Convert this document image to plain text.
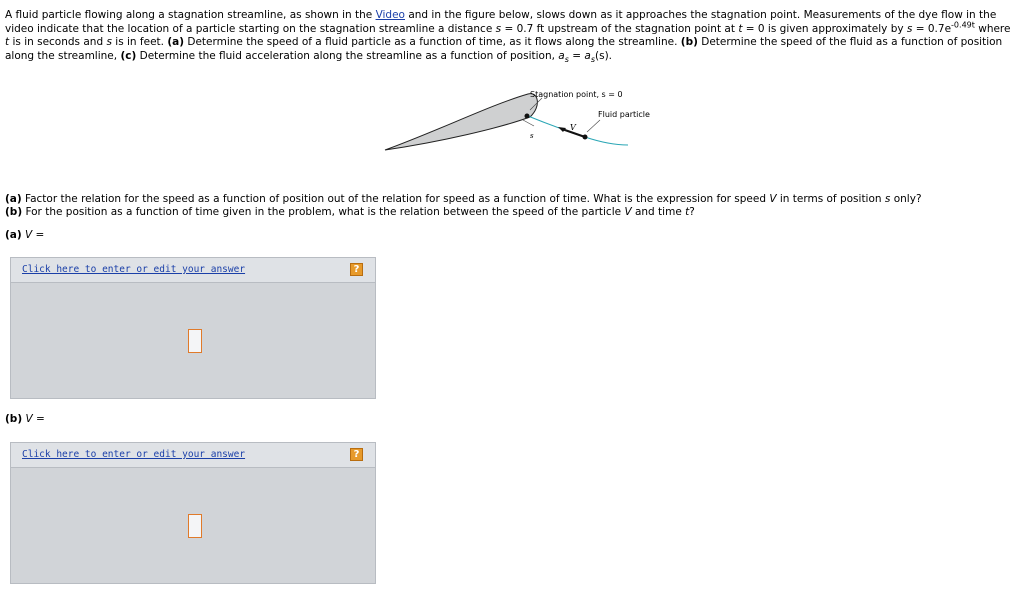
A fluid particle flowing along a stagnation streamline, as shown in the Video and in the figure below, slows down as it approaches the stagnation point. Measurements of the dye flow in the video indicate that the location of a particle starting on the stagnation streamline a distance s = 0.7 ft upstream of the stagnation point at t = 0 is given approximately by $s = 0.7e^{-0.49t}$ where t is in seconds and s is in feet. (a) Determine the speed of a fluid particle as a function of time, as it flows along the streamline. (b) Determine the speed of the fluid as a function of position along the streamline, (c) Determine the fluid acceleration along the streamline as a function of position, $a_s = a_s(s)$.
Stagnation point, s = 0
Fluid particle
V
s
(a) Factor the relation for the speed as a function of position out of the relation for speed as a function of time. What is the expression for speed V in terms of position s only?
(b) For the position as a function of time given in the problem, what is the relation between the speed of the particle V and time t?
(a) V =
Click here to enter or edit your answer	?
(b) V =
Click here to enter or edit your answer	?
